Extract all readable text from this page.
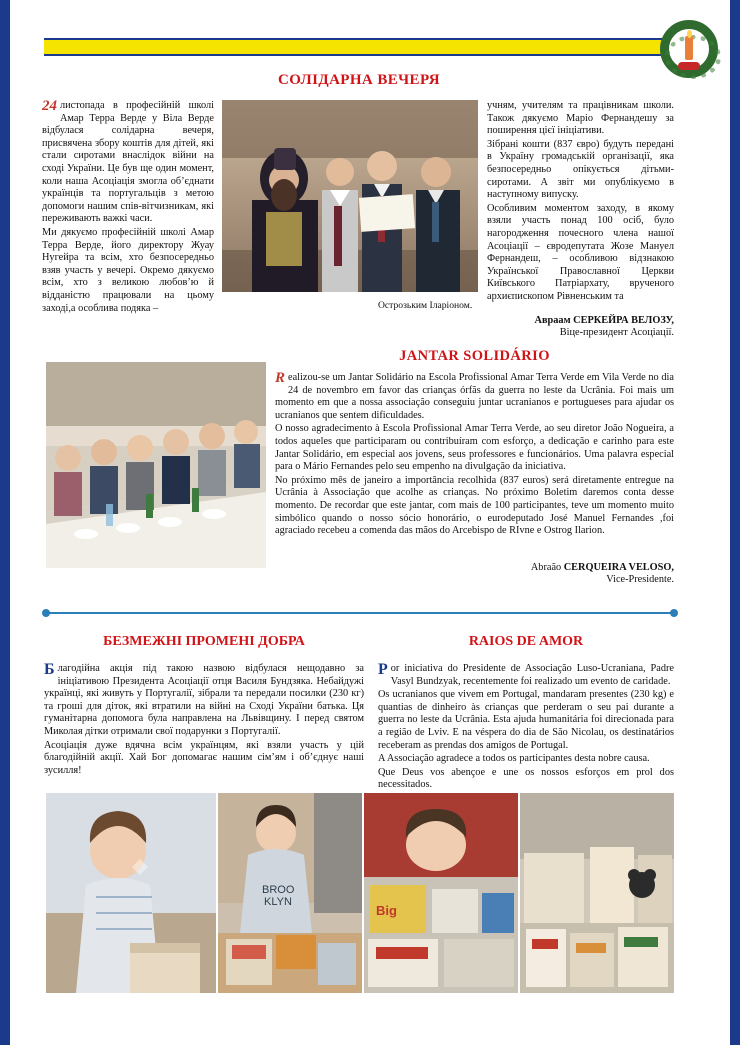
СОЛІДАРНА ВЕЧЕРЯ

24 листопада в професійній школі Амар Терра Верде у Віла Верде відбулася солідарна вечеря, присвячена збору коштів для дітей, які стали сиротами внаслідок війни на сході України. Це був ще один момент, коли наша Асоціація змогла об’єднати українців та португальців з метою допомоги нашим спів-вітчизникам, які переживають важкі часи.

Ми дякуємо професійній школі Амар Терра Верде, його директору Жуау Нугейра та всім, хто безпосередньо взяв участь у вечері. Окремо дякуємо всім, хто з великою любов’ю й відданістю працювали на цьому заході,а особлива подяка –

учням, учителям та працівникам школи. Також дякуємо Маріо Фернандешу за поширення цієї ініціативи.

Зібрані кошти (837 євро) будуть передані в Україну громадській організації, яка безпосередньо опікується дітьми-сиротами. А звіт ми опублікуємо в наступному випуску.

Особливим моментом заходу, в якому взяли участь понад 100 осіб, було нагородження почесного члена нашої Асоціації – євродепутата Жозе Мануел Фернандеш, – особливою відзнакою Української Православної Церкви Київського Патріархату, врученого архиєпископом Рівненським та

Острозьким Іларіоном.
Авраам СЕРКЕЙРА ВЕЛОЗУ,
Віце-президент Асоціації.
JANTAR SOLIDÁRIO

R ealizou-se um Jantar Solidário na Escola Profissional Amar Terra Verde em Vila Verde no dia 24 de novembro em favor das crianças órfãs da guerra no leste da Ucrânia. Foi mais um momento em que a nossa associação conseguiu juntar ucranianos e portugueses para ajudar os ucranianos que sentem dificuldades.

O nosso agradecimento à Escola Profissional Amar Terra Verde, ao seu diretor João Nogueira, a todos aqueles que participaram ou contribuíram com esforço, a dedicação e carinho para este Jantar Solidário, em especial aos jovens, seus professores e funcionários. Uma palavra especial para o Mário Fernandes pelo seu empenho na divulgação da iniciativa.

No próximo mês de janeiro a importância recolhida (837 euros) será diretamente entregue na Ucrânia à Associação que acolhe as crianças. No próximo Boletim daremos conta desse momento. De recordar que este jantar, com mais de 100 participantes, teve um momento muito simbólico quando o nosso sócio honorário, o eurodeputado José Manuel Fernandes ,foi agraciado recebeu a comenda das mãos do Arcebispo de RIvne e Ostrog Ilarion.

Abraão CERQUEIRA VELOSO,
Vice-Presidente.
БЕЗМЕЖНІ ПРОМЕНІ ДОБРА

Благодійна акція під такою назвою відбулася нещодавно за ініціативою Президента Асоціації отця Василя Бундзяка. Небайдужі українці, які живуть у Португалії, зібрали та передали посилки (230 кг) та гроші для діток, які втратили на війні на Сході України батька. Ця гуманітарна допомога була направлена на Львівщину. І перед святом Миколая дітки отримали свої подарунки з Португалії.

Асоціація дуже вдячна всім українцям, які взяли участь у цій благодійній акції. Хай Бог допомагає нашим сім’ям і об’єднує наші зусилля!

RAIOS DE AMOR

Por iniciativa do Presidente de Associação Luso-Ucraniana, Padre Vasyl Bundzyak, recentemente foi realizado um evento de caridade.

Os ucranianos que vivem em Portugal, mandaram presentes (230 kg) e quantias de dinheiro às crianças que perderam o seu pai durante a guerra no leste da Ucrânia. Esta ajuda humanitária foi direcionada para a região de Lviv. E na véspera do dia de São Nicolau, os destinatários receberam as prendas dos amigos de Portugal.

A Associação agradece a todos os participantes desta nobre causa.

Que Deus vos abençoe e une os nossos esforços em prol dos necessitados.

BROO
KLYN
Big
